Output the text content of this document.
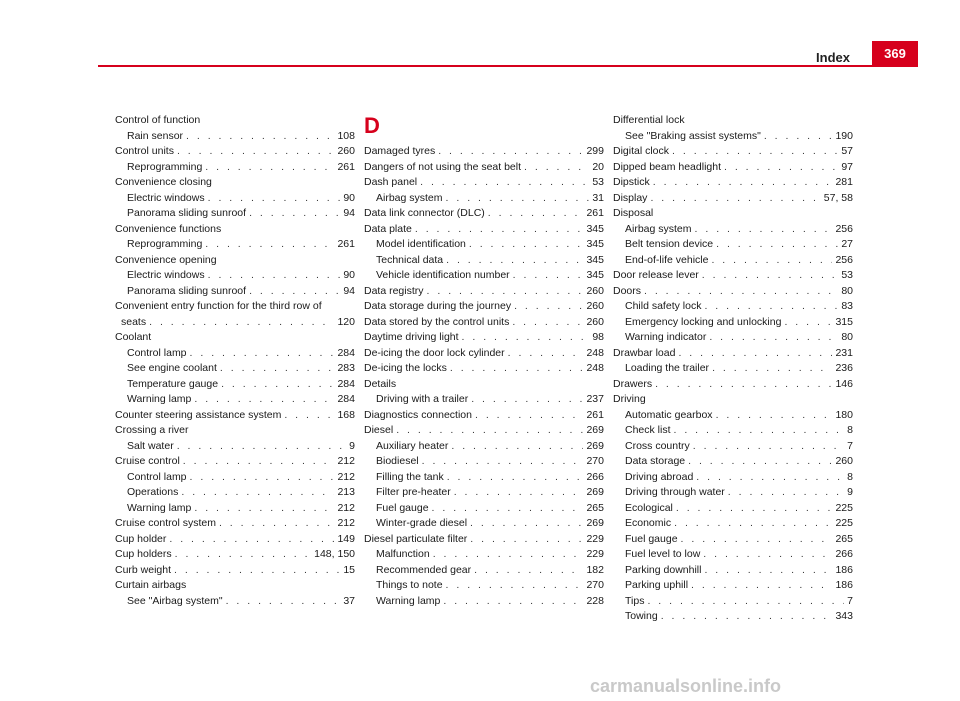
Index	369
Control of function
Rain sensor . . .	108
Control units . . .	260
Reprogramming . . .	261
Convenience closing
Electric windows . . .	90
Panorama sliding sunroof . . .	94
Convenience functions
Reprogramming . . .	261
Convenience opening
Electric windows . . .	90
Panorama sliding sunroof . . .	94
Convenient entry function for the third row of
seats . . .	120
Coolant
Control lamp . . .	284
See engine coolant . . .	283
Temperature gauge . . .	284
Warning lamp . . .	284
Counter steering assistance system . . .	168
Crossing a river
Salt water . . .	9
Cruise control . . .	212
Control lamp . . .	212
Operations . . .	213
Warning lamp . . .	212
Cruise control system . . .	212
Cup holder . . .	149
Cup holders . . .	148, 150
Curb weight . . .	15
Curtain airbags
See "Airbag system" . . .	37
D
Damaged tyres . . .	299
Dangers of not using the seat belt . . .	20
Dash panel . . .	53
Airbag system . . .	31
Data link connector (DLC) . . .	261
Data plate . . .	345
Model identification . . .	345
Technical data . . .	345
Vehicle identification number . . .	345
Data registry . . .	260
Data storage during the journey . . .	260
Data stored by the control units . . .	260
Daytime driving light . . .	98
De-icing the door lock cylinder . . .	248
De-icing the locks . . .	248
Details
Driving with a trailer . . .	237
Diagnostics connection . . .	261
Diesel . . .	269
Auxiliary heater . . .	269
Biodiesel . . .	270
Filling the tank . . .	266
Filter pre-heater . . .	269
Fuel gauge . . .	265
Winter-grade diesel . . .	269
Diesel particulate filter . . .	229
Malfunction . . .	229
Recommended gear . . .	182
Things to note . . .	270
Warning lamp . . .	228
Differential lock
See "Braking assist systems" . . .	190
Digital clock . . .	57
Dipped beam headlight . . .	97
Dipstick . . .	281
Display . . .	57, 58
Disposal
Airbag system . . .	256
Belt tension device . . .	27
End-of-life vehicle . . .	256
Door release lever . . .	53
Doors . . .	80
Child safety lock . . .	83
Emergency locking and unlocking . . .	315
Warning indicator . . .	80
Drawbar load . . .	231
Loading the trailer . . .	236
Drawers . . .	146
Driving
Automatic gearbox . . .	180
Check list . . .	8
Cross country . . .	7
Data storage . . .	260
Driving abroad . . .	8
Driving through water . . .	9
Ecological . . .	225
Economic . . .	225
Fuel gauge . . .	265
Fuel level to low . . .	266
Parking downhill . . .	186
Parking uphill . . .	186
Tips . . .	7
Towing . . .	343
carmanualsonline.info
